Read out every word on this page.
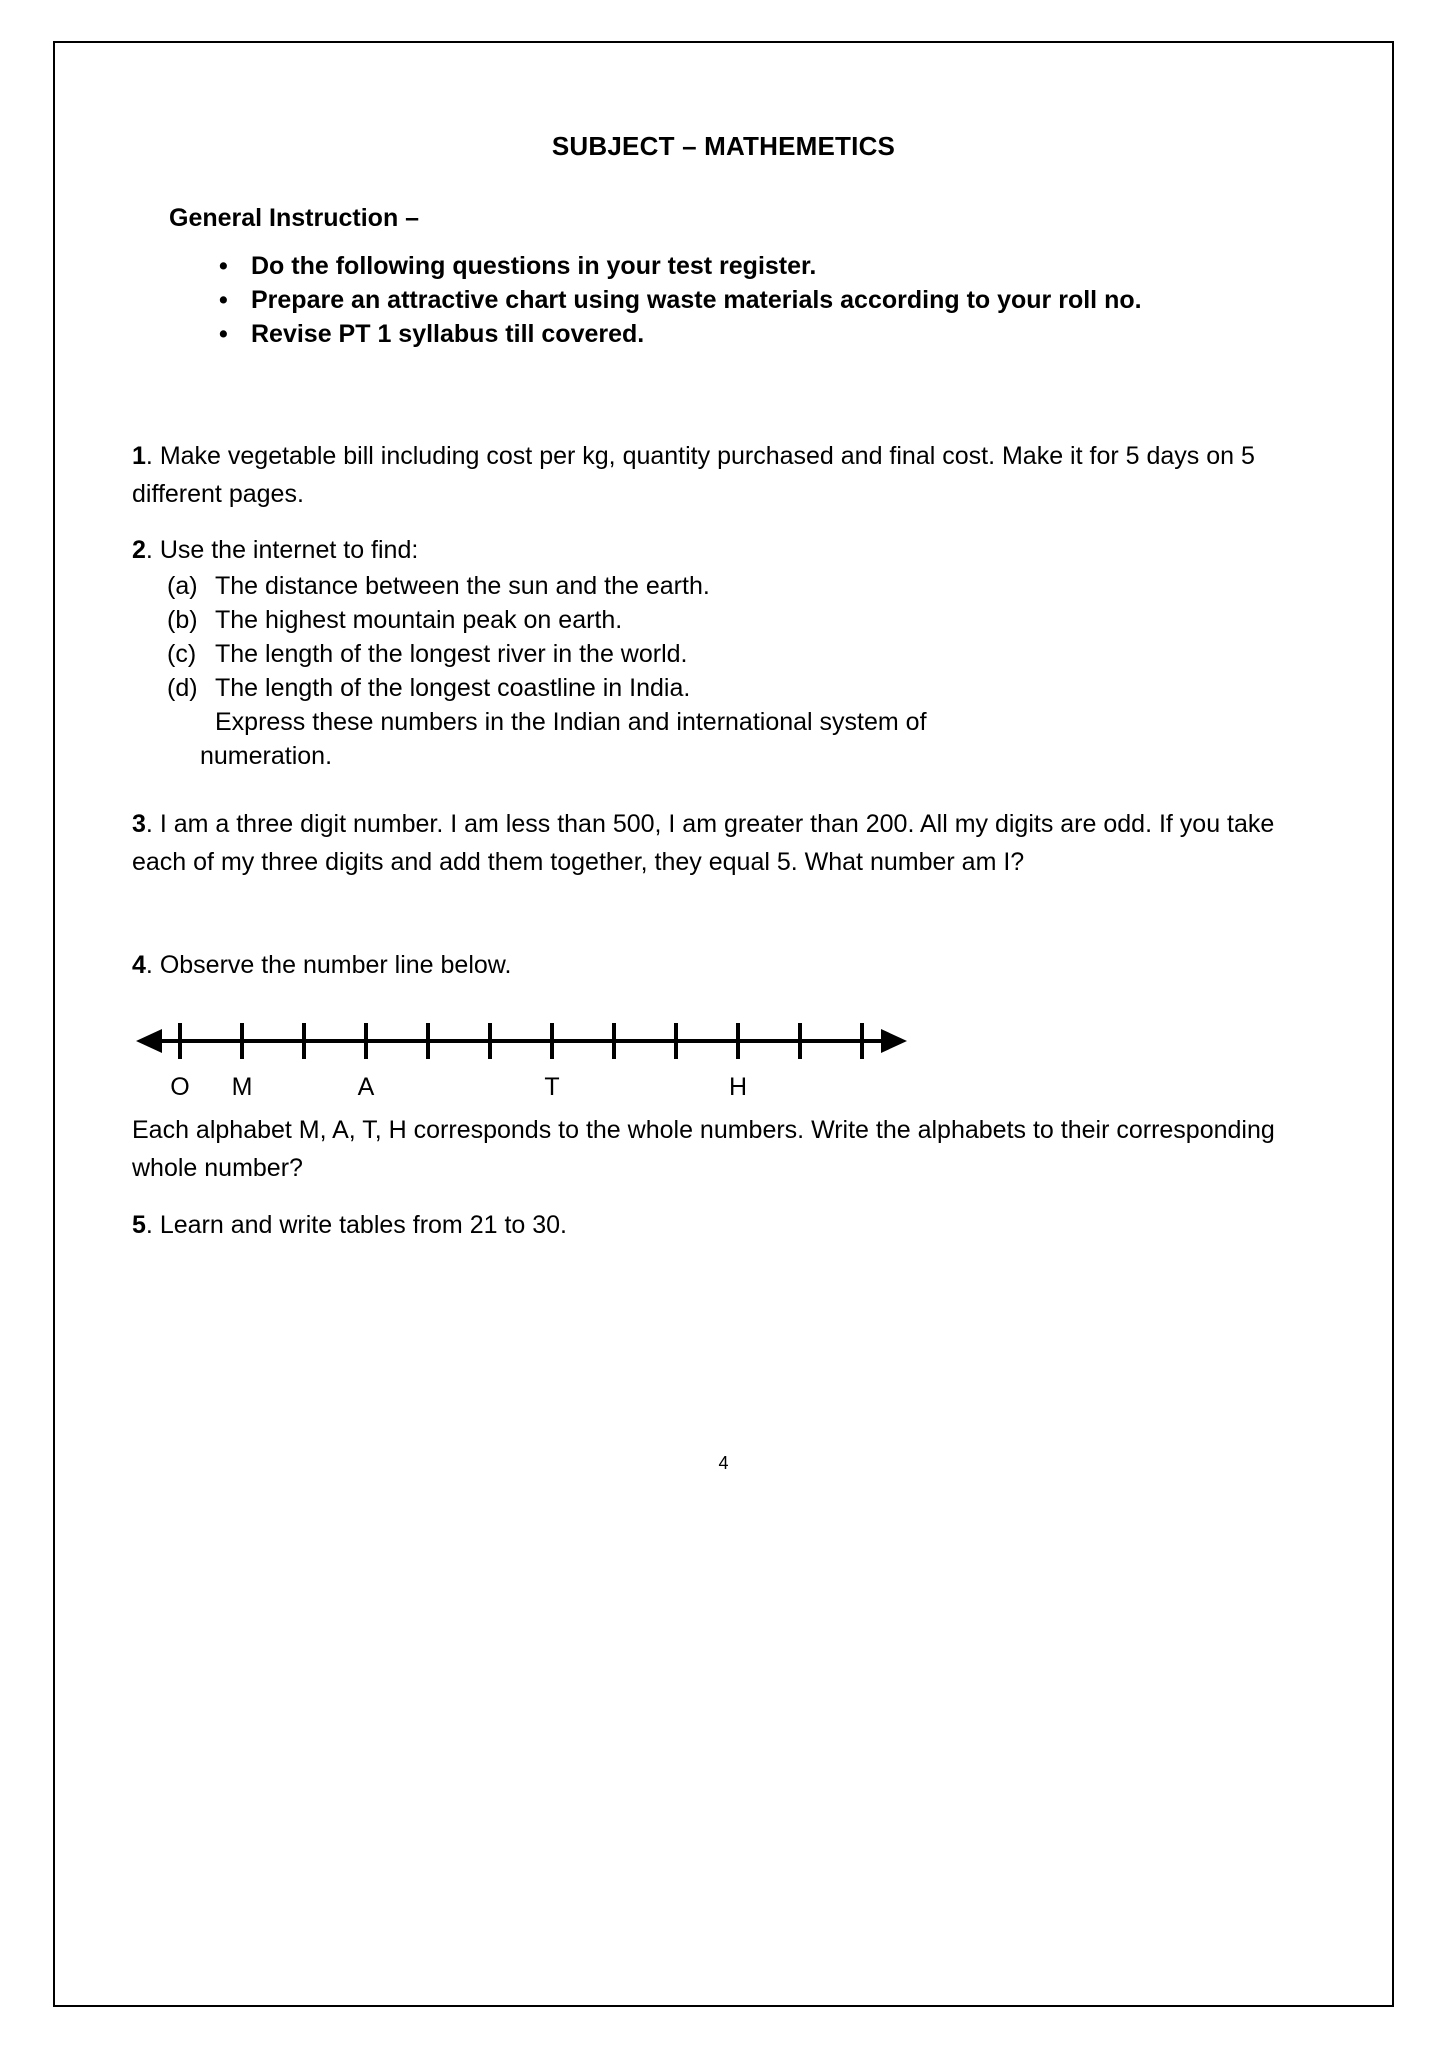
SUBJECT – MATHEMETICS
General Instruction –
• Do the following questions in your test register.
• Prepare an attractive chart using waste materials according to your roll no.
• Revise PT 1 syllabus till covered.
1. Make vegetable bill including cost per kg, quantity purchased and final cost. Make it for 5 days on 5 different pages.
2. Use the internet to find:
(a) The distance between the sun and the earth.
(b) The highest mountain peak on earth.
(c) The length of the longest river in the world.
(d) The length of the longest coastline in India.
Express these numbers in the Indian and international system of
numeration.
3. I am a three digit number. I am less than 500, I am greater than 200. All my digits are odd. If you take each of my three digits and add them together, they equal 5. What number am I?
4. Observe the number line below.
O M	A	T	H
Each alphabet M, A, T, H corresponds to the whole numbers. Write the alphabets to their corresponding whole number?
5. Learn and write tables from 21 to 30.
4
